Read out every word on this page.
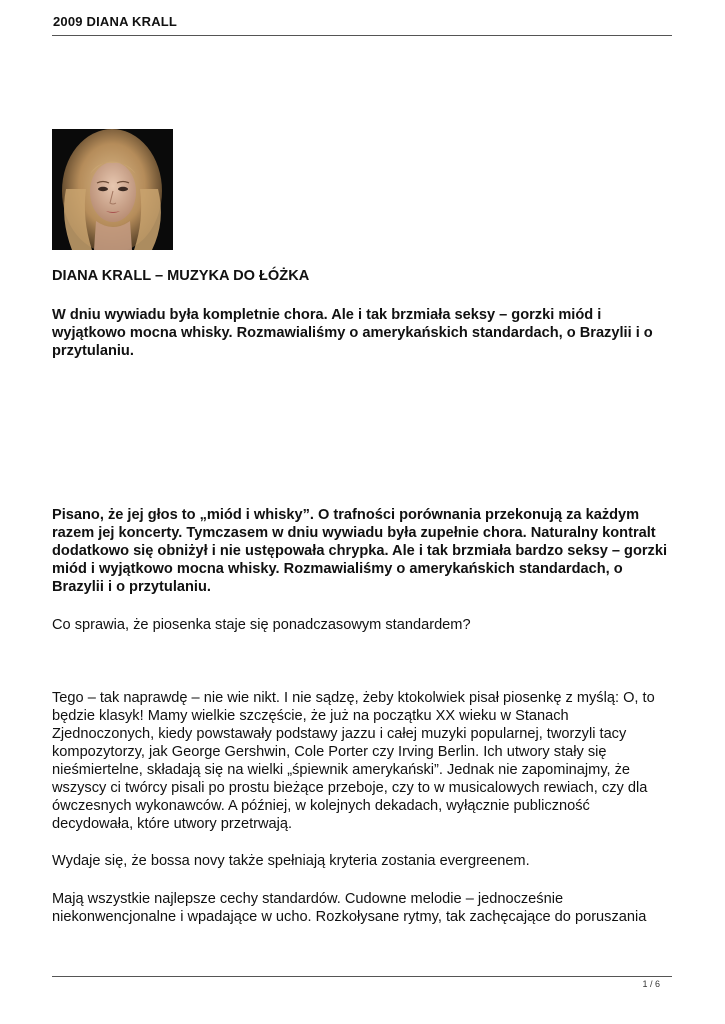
2009 DIANA KRALL

DIANA KRALL – MUZYKA DO ŁÓŻKA

W dniu wywiadu była kompletnie chora. Ale i tak brzmiała seksy – gorzki miód i wyjątkowo mocna whisky. Rozmawialiśmy o amerykańskich standardach, o Brazylii i o przytulaniu.

Pisano, że jej głos to „miód i whisky”. O trafności porównania przekonują za każdym razem jej koncerty. Tymczasem w dniu wywiadu była zupełnie chora. Naturalny kontralt dodatkowo się obniżył i nie ustępowała chrypka. Ale i tak brzmiała bardzo seksy – gorzki miód i wyjątkowo mocna whisky. Rozmawialiśmy o amerykańskich standardach, o Brazylii i o przytulaniu.

Co sprawia, że piosenka staje się ponadczasowym standardem?

Tego – tak naprawdę – nie wie nikt. I nie sądzę, żeby ktokolwiek pisał piosenkę z myślą: O, to będzie klasyk! Mamy wielkie szczęście, że już na początku XX wieku w Stanach Zjednoczonych, kiedy powstawały podstawy jazzu i całej muzyki popularnej, tworzyli tacy kompozytorzy, jak George Gershwin, Cole Porter czy Irving Berlin. Ich utwory stały się nieśmiertelne, składają się na wielki „śpiewnik amerykański”. Jednak nie zapominajmy, że wszyscy ci twórcy pisali po prostu bieżące przeboje, czy to w musicalowych rewiach, czy dla ówczesnych wykonawców. A później, w kolejnych dekadach, wyłącznie publiczność decydowała, które utwory przetrwają.

Wydaje się, że bossa novy także spełniają kryteria zostania evergreenem.

Mają wszystkie najlepsze cechy standardów. Cudowne melodie – jednocześnie niekonwencjonalne i wpadające w ucho. Rozkołysane rytmy, tak zachęcające do poruszania

1 / 6
